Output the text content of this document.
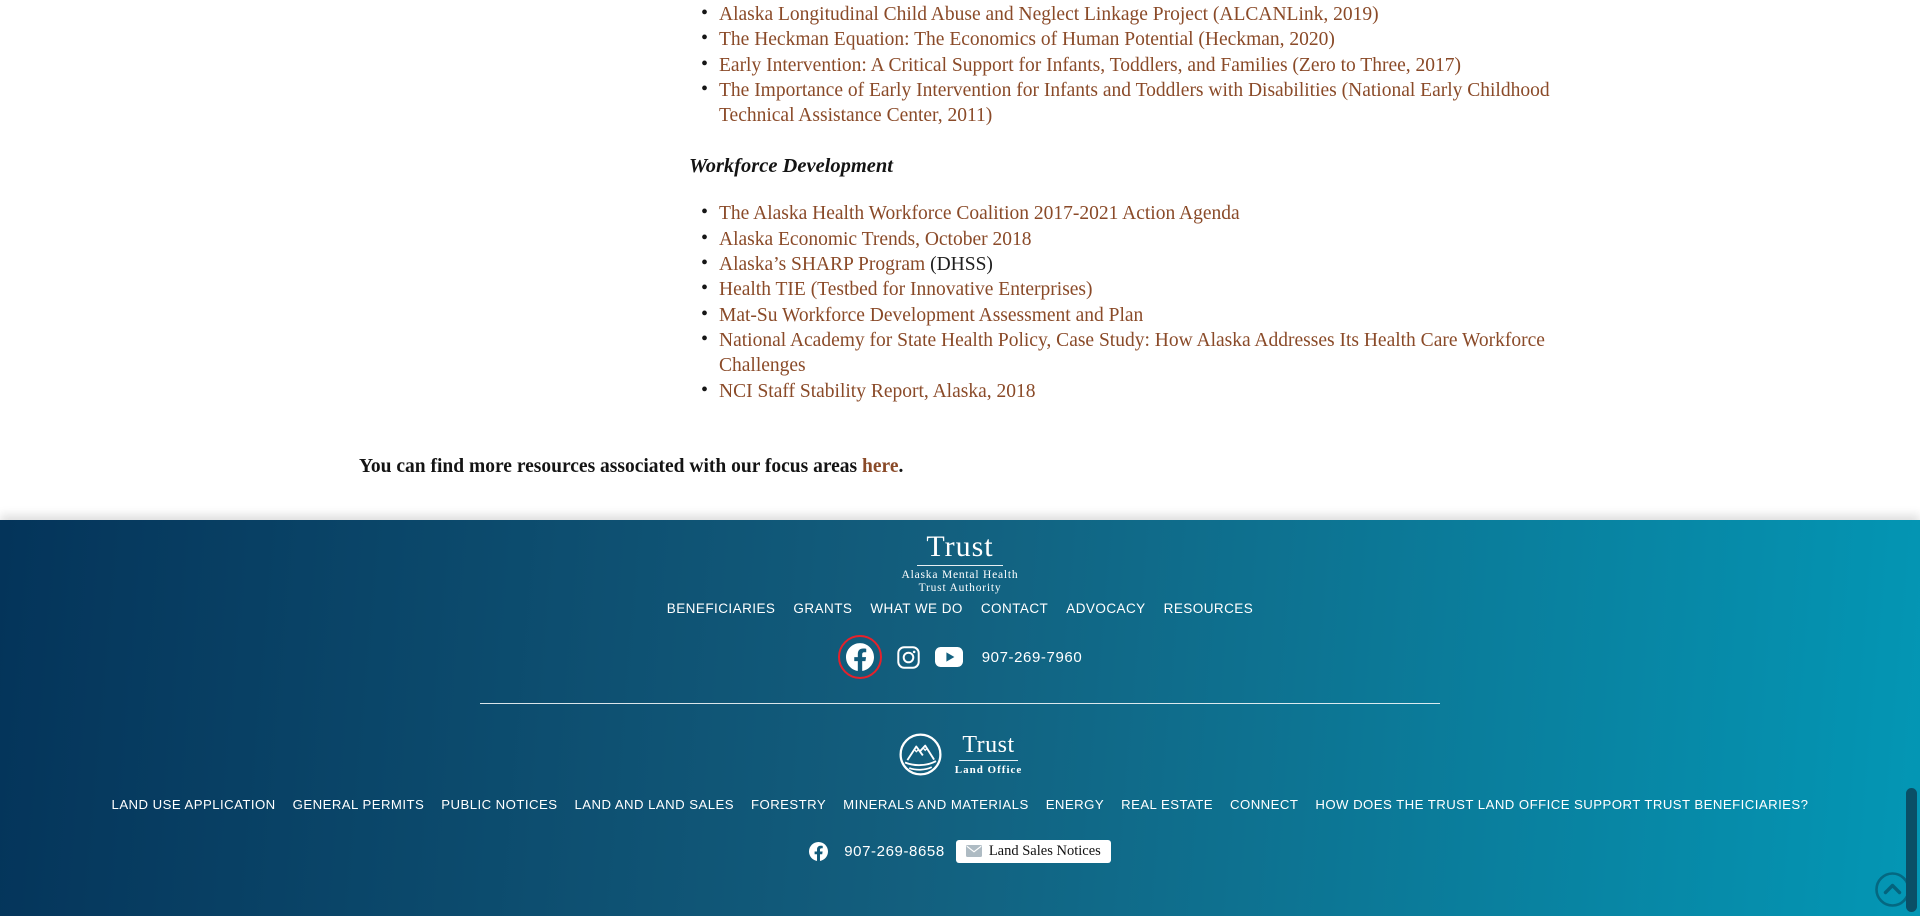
• Alaska Longitudinal Child Abuse and Neglect Linkage Project (ALCANLink, 2019)
• The Heckman Equation: The Economics of Human Potential (Heckman, 2020)
• Early Intervention: A Critical Support for Infants, Toddlers, and Families (Zero to Three, 2017)
• The Importance of Early Intervention for Infants and Toddlers with Disabilities (National Early Childhood Technical Assistance Center, 2011)
Workforce Development
• The Alaska Health Workforce Coalition 2017-2021 Action Agenda
• Alaska Economic Trends, October 2018
• Alaska’s SHARP Program (DHSS)
• Health TIE (Testbed for Innovative Enterprises)
• Mat-Su Workforce Development Assessment and Plan
• National Academy for State Health Policy, Case Study: How Alaska Addresses Its Health Care Workforce Challenges
• NCI Staff Stability Report, Alaska, 2018

You can find more resources associated with our focus areas here.

Trust
Alaska Mental Health
Trust Authority
BENEFICIARIES GRANTS WHAT WE DO CONTACT ADVOCACY RESOURCES
907-269-7960
Trust
Land Office
LAND USE APPLICATION GENERAL PERMITS PUBLIC NOTICES LAND AND LAND SALES FORESTRY MINERALS AND MATERIALS ENERGY REAL ESTATE CONNECT HOW DOES THE TRUST LAND OFFICE SUPPORT TRUST BENEFICIARIES?
907-269-8658	Land Sales Notices
